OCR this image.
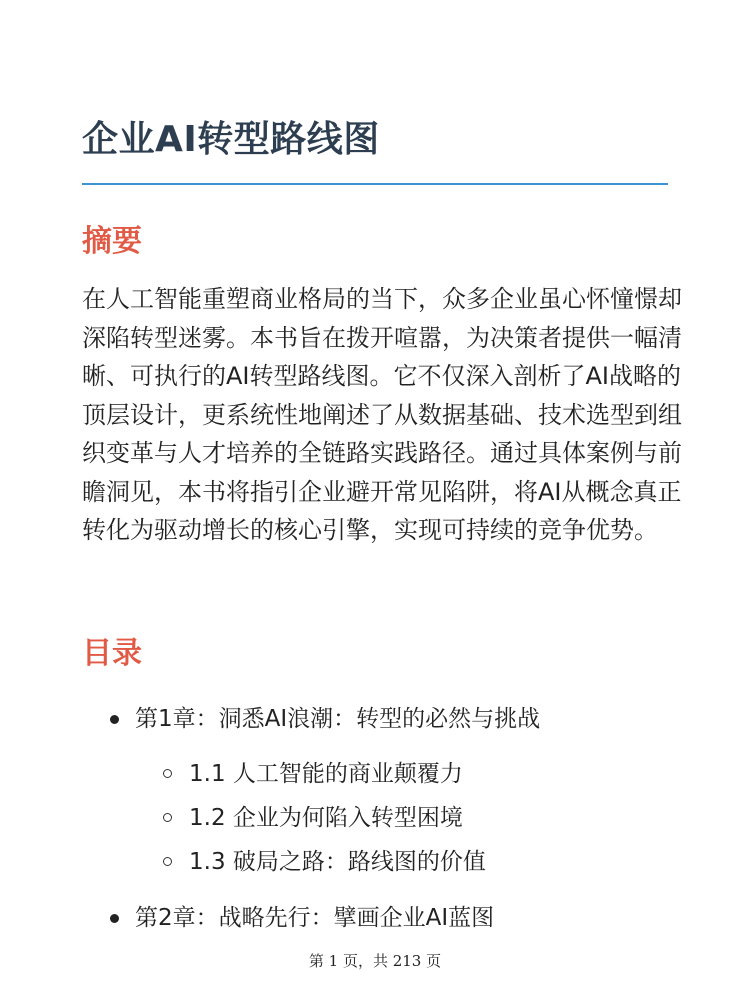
企业AI转型路线图
摘要

在人工智能重塑商业格局的当下，众多企业虽心怀憧憬却深陷转型迷雾。本书旨在拨开喧嚣，为决策者提供一幅清晰、可执行的AI转型路线图。它不仅深入剖析了AI战略的顶层设计，更系统性地阐述了从数据基础、技术选型到组织变革与人才培养的全链路实践路径。通过具体案例与前瞻洞见，本书将指引企业避开常见陷阱，将AI从概念真正转化为驱动增长的核心引擎，实现可持续的竞争优势。

目录
第1章：洞悉AI浪潮：转型的必然与挑战
1.1 人工智能的商业颠覆力
1.2 企业为何陷入转型困境
1.3 破局之路：路线图的价值
第2章：战略先行：擘画企业AI蓝图
第 1 页，共 213 页
